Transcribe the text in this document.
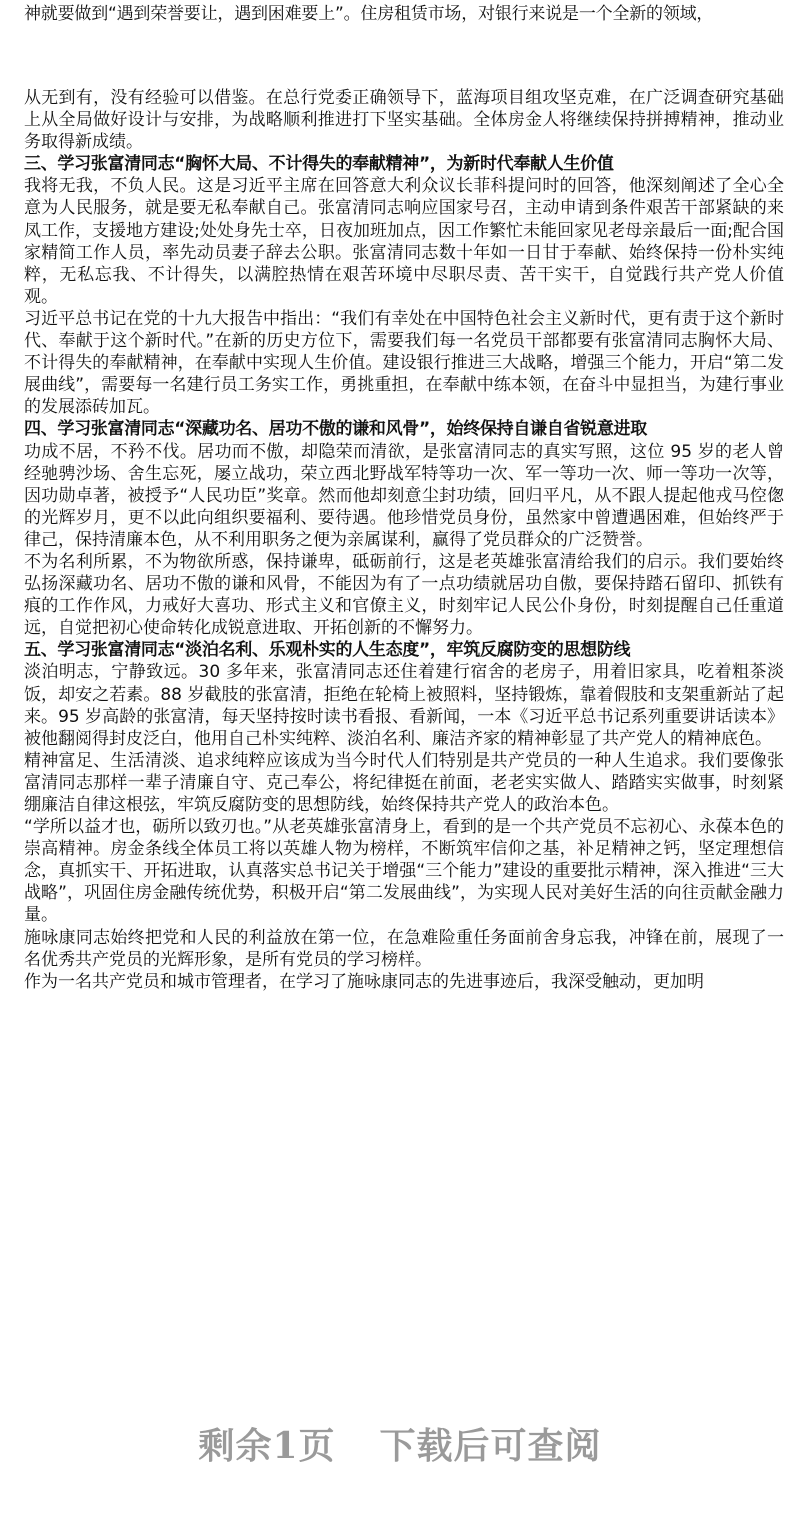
神就要做到“遇到荣誉要让，遇到困难要上”。住房租赁市场，对银行来说是一个全新的领域，

从无到有，没有经验可以借鉴。在总行党委正确领导下，蓝海项目组攻坚克难，在广泛调查研究基础上从全局做好设计与安排，为战略顺利推进打下坚实基础。全体房金人将继续保持拼搏精神，推动业务取得新成绩。

三、学习张富清同志“胸怀大局、不计得失的奉献精神”，为新时代奉献人生价值

我将无我，不负人民。这是习近平主席在回答意大利众议长菲科提问时的回答，他深刻阐述了全心全意为人民服务，就是要无私奉献自己。张富清同志响应国家号召，主动申请到条件艰苦干部紧缺的来凤工作，支援地方建设;处处身先士卒，日夜加班加点，因工作繁忙未能回家见老母亲最后一面;配合国家精简工作人员，率先动员妻子辞去公职。张富清同志数十年如一日甘于奉献、始终保持一份朴实纯粹，无私忘我、不计得失，以满腔热情在艰苦环境中尽职尽责、苦干实干，自觉践行共产党人价值观。

习近平总书记在党的十九大报告中指出：“我们有幸处在中国特色社会主义新时代，更有责于这个新时代、奉献于这个新时代。”在新的历史方位下，需要我们每一名党员干部都要有张富清同志胸怀大局、不计得失的奉献精神，在奉献中实现人生价值。建设银行推进三大战略，增强三个能力，开启“第二发展曲线”，需要每一名建行员工务实工作，勇挑重担，在奉献中练本领，在奋斗中显担当，为建行事业的发展添砖加瓦。

四、学习张富清同志“深藏功名、居功不傲的谦和风骨”，始终保持自谦自省锐意进取

功成不居，不矜不伐。居功而不傲，却隐荣而清欲，是张富清同志的真实写照，这位 95 岁的老人曾经驰骋沙场、舍生忘死，屡立战功，荣立西北野战军特等功一次、军一等功一次、师一等功一次等，因功勋卓著，被授予“人民功臣”奖章。然而他却刻意尘封功绩，回归平凡，从不跟人提起他戎马倥偬的光辉岁月，更不以此向组织要福利、要待遇。他珍惜党员身份，虽然家中曾遭遇困难，但始终严于律己，保持清廉本色，从不利用职务之便为亲属谋利，赢得了党员群众的广泛赞誉。

不为名利所累，不为物欲所惑，保持谦卑，砥砺前行，这是老英雄张富清给我们的启示。我们要始终弘扬深藏功名、居功不傲的谦和风骨，不能因为有了一点功绩就居功自傲，要保持踏石留印、抓铁有痕的工作作风，力戒好大喜功、形式主义和官僚主义，时刻牢记人民公仆身份，时刻提醒自己任重道远，自觉把初心使命转化成锐意进取、开拓创新的不懈努力。

五、学习张富清同志“淡泊名利、乐观朴实的人生态度”，牢筑反腐防变的思想防线

淡泊明志，宁静致远。30 多年来，张富清同志还住着建行宿舍的老房子，用着旧家具，吃着粗茶淡饭，却安之若素。88 岁截肢的张富清，拒绝在轮椅上被照料，坚持锻炼，靠着假肢和支架重新站了起来。95 岁高龄的张富清，每天坚持按时读书看报、看新闻，一本《习近平总书记系列重要讲话读本》被他翻阅得封皮泛白，他用自己朴实纯粹、淡泊名利、廉洁齐家的精神彰显了共产党人的精神底色。

精神富足、生活清淡、追求纯粹应该成为当今时代人们特别是共产党员的一种人生追求。我们要像张富清同志那样一辈子清廉自守、克己奉公，将纪律挺在前面，老老实实做人、踏踏实实做事，时刻紧绷廉洁自律这根弦，牢筑反腐防变的思想防线，始终保持共产党人的政治本色。

“学所以益才也，砺所以致刃也。”从老英雄张富清身上，看到的是一个共产党员不忘初心、永葆本色的崇高精神。房金条线全体员工将以英雄人物为榜样，不断筑牢信仰之基，补足精神之钙，坚定理想信念，真抓实干、开拓进取，认真落实总书记关于增强“三个能力”建设的重要批示精神，深入推进“三大战略”，巩固住房金融传统优势，积极开启“第二发展曲线”，为实现人民对美好生活的向往贡献金融力量。

施咏康同志始终把党和人民的利益放在第一位，在急难险重任务面前舍身忘我，冲锋在前，展现了一名优秀共产党员的光辉形象，是所有党员的学习榜样。

作为一名共产党员和城市管理者，在学习了施咏康同志的先进事迹后，我深受触动，更加明

剩余1页 下载后可查阅
